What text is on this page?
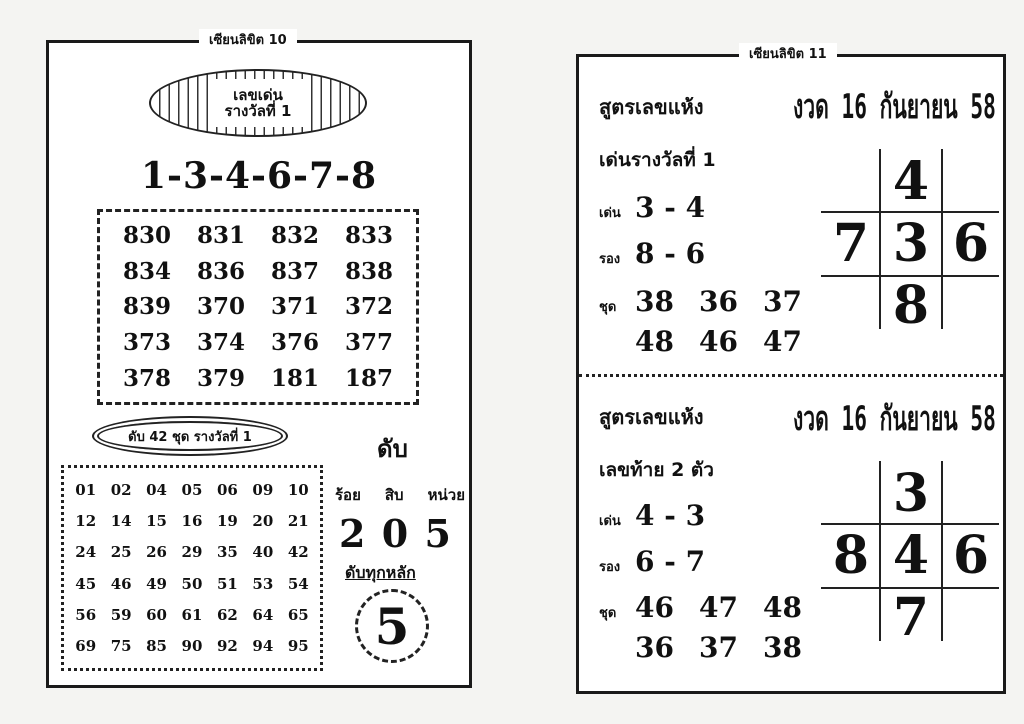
เซียนลิขิต 10
เลขเด่น
รางวัลที่ 1
1-3-4-6-7-8
830	831	832	833
834	836	837	838
839	370	371	372
373	374	376	377
378	379	181	187
ดับ 42 ชุด รางวัลที่ 1	ดับ
01 02 04 05 06 09 10
12 14 15 16 19 20 21
24 25 26 29 35 40 42
45 46 49 50 51 53 54
56 59 60 61 62 64 65
69 75 85 90 92 94 95
ร้อย สิบ หน่วย
2 0 5
ดับทุกหลัก
5
เซียนลิขิต 11
สูตรเลขแห้ง	งวด 16 กันยายน 58
เด่นรางวัลที่ 1
เด่น 3 - 4
รอง 8 - 6
ชุด 38 36 37
48 46 47
4
7 3 6
8
สูตรเลขแห้ง	งวด 16 กันยายน 58
เลขท้าย 2 ตัว
เด่น 4 - 3
รอง 6 - 7
ชุด 46 47 48
36 37 38
3
8 4 6
7
